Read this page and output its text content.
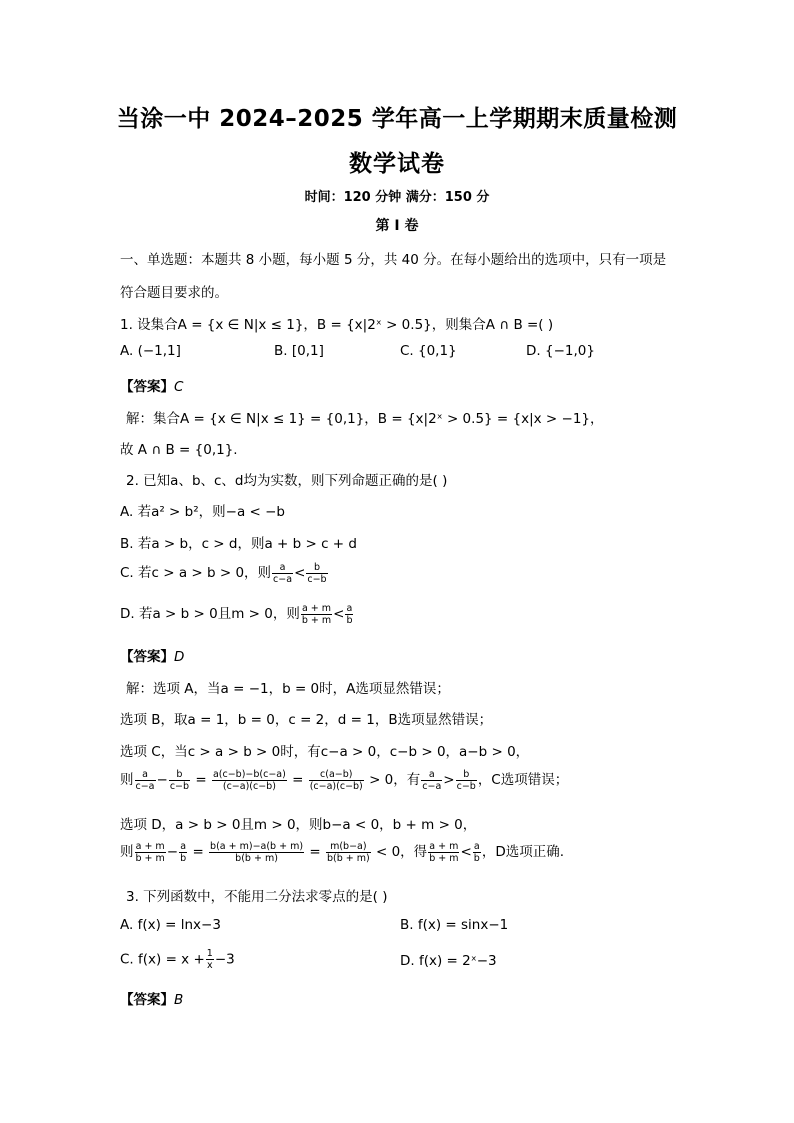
当涂一中 2024–2025 学年高一上学期期末质量检测
数学试卷
时间：120 分钟 满分：150 分
第 I 卷
一、单选题：本题共 8 小题，每小题 5 分，共 40 分。在每小题给出的选项中，只有一项是
符合题目要求的。
1. 设集合A = {x ∈ N|x ≤ 1}，B = {x|2ˣ > 0.5}，则集合A ∩ B =( )
A. (−1,1]	B. [0,1]	C. {0,1}	D. {−1,0}
【答案】C
解：集合A = {x ∈ N|x ≤ 1} = {0,1}，B = {x|2ˣ > 0.5} = {x|x > −1}，
故 A ∩ B = {0,1}.
2. 已知a、b、c、d均为实数，则下列命题正确的是( )
A. 若a² > b²，则−a < −b
B. 若a > b，c > d，则a + b > c + d
C. 若c > a > b > 0，则 $\frac{a}{c-a} < \frac{b}{c-b}$
D. 若a > b > 0且m > 0，则 $\frac{a + m}{b + m} < \frac{a}{b}$
【答案】D
解：选项 A，当a = −1，b = 0时，A选项显然错误；
选项 B，取a = 1，b = 0，c = 2，d = 1，B选项显然错误；
选项 C，当c > a > b > 0时，有c−a > 0，c−b > 0，a−b > 0，
则 $\frac{a}{c-a} - \frac{b}{c-b} = \frac{a(c-b)-b(c-a)}{(c-a)(c-b)} = \frac{c(a-b)}{(c-a)(c-b)} > 0$，有 $\frac{a}{c-a} > \frac{b}{c-b}$ ，C选项错误；
选项 D，a > b > 0且m > 0，则b−a < 0，b + m > 0，
则 $\frac{a + m}{b + m} - \frac{a}{b} = \frac{b(a + m)-a(b + m)}{b(b + m)} = \frac{m(b-a)}{b(b + m)} < 0$，得 $\frac{a + m}{b + m} < \frac{a}{b}$ ，D选项正确.
3. 下列函数中，不能用二分法求零点的是( )
A. f(x) = lnx−3	B. f(x) = sinx−1
C. $f(x) = x + \frac{1}{x} -3$	D. f(x) = 2ˣ−3
【答案】B
